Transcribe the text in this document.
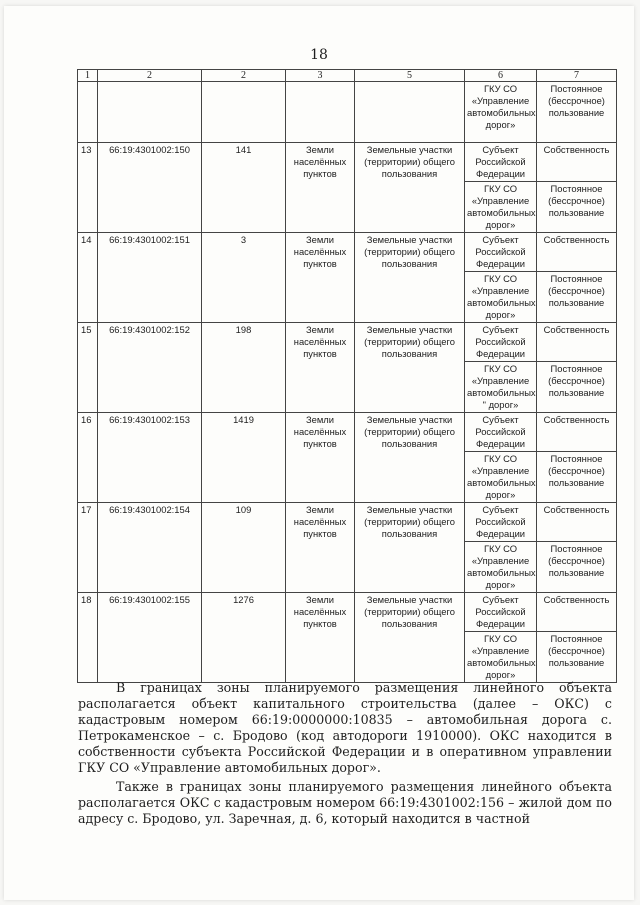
18
1	2	2	3	5	6	7
					ГКУ СО «Управление автомобильных дорог»	Постоянное (бессрочное) пользование
13	66:19:4301002:150	141	Земли населённых пунктов	Земельные участки (территории) общего пользования	Субъект Российской Федерации	Собственность
					ГКУ СО «Управление автомобильных дорог»	Постоянное (бессрочное) пользование
14	66:19:4301002:151	3	Земли населённых пунктов	Земельные участки (территории) общего пользования	Субъект Российской Федерации	Собственность
					ГКУ СО «Управление автомобильных дорог»	Постоянное (бессрочное) пользование
15	66:19:4301002:152	198	Земли населённых пунктов	Земельные участки (территории) общего пользования	Субъект Российской Федерации	Собственность
					ГКУ СО «Управление автомобильных " дорог»	Постоянное (бессрочное) пользование
16	66:19:4301002:153	1419	Земли населённых пунктов	Земельные участки (территории) общего пользования	Субъект Российской Федерации	Собственность
					ГКУ СО «Управление автомобильных дорог»	Постоянное (бессрочное) пользование
17	66:19:4301002:154	109	Земли населённых пунктов	Земельные участки (территории) общего пользования	Субъект Российской Федерации	Собственность
					ГКУ СО «Управление автомобильных дорог»	Постоянное (бессрочное) пользование
18	66:19:4301002:155	1276	Земли населённых пунктов	Земельные участки (территории) общего пользования	Субъект Российской Федерации	Собственность
					ГКУ СО «Управление автомобильных дорог»	Постоянное (бессрочное) пользование

В границах зоны планируемого размещения линейного объекта располагается объект капитального строительства (далее – ОКС) с кадастровым номером 66:19:0000000:10835 – автомобильная дорога с. Петрокаменское – с. Бродово (код автодороги 1910000). ОКС находится в собственности субъекта Российской Федерации и в оперативном управлении ГКУ СО «Управление автомобильных дорог».

Также в границах зоны планируемого размещения линейного объекта располагается ОКС с кадастровым номером 66:19:4301002:156 – жилой дом по адресу с. Бродово, ул. Заречная, д. 6, который находится в частной
